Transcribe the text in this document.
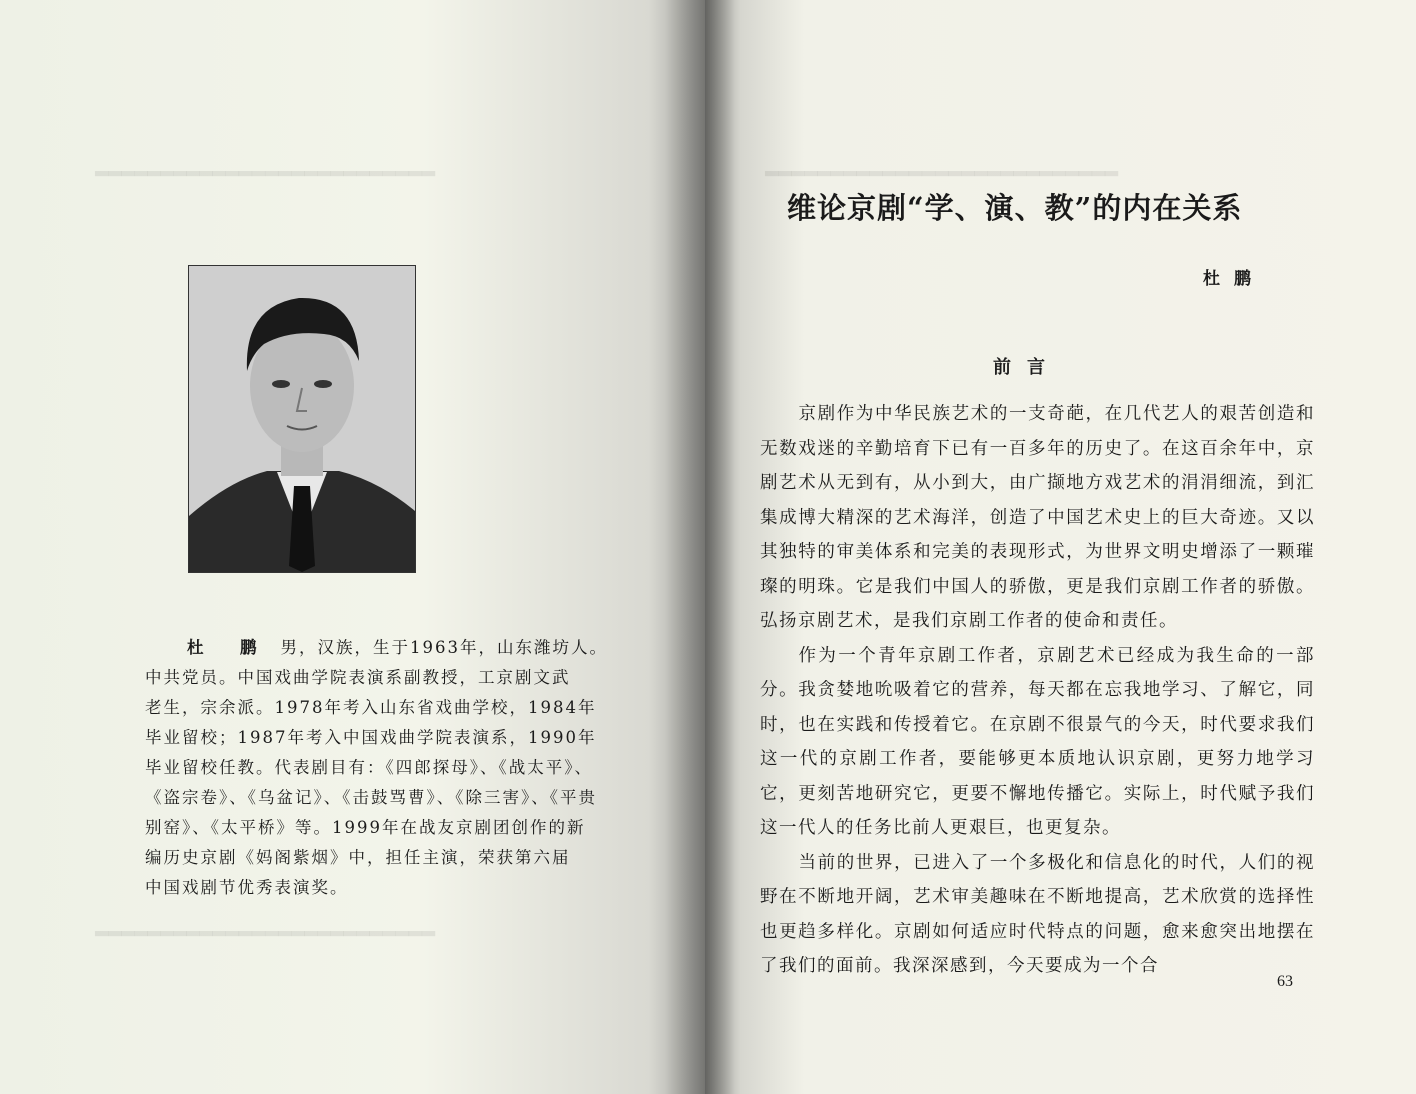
▂▂▂▂▂▂▂▂▂▂▂▂▂▂▂▂▂▂▂▂▂▂▂▂▂▂
▂▂▂▂▂▂▂▂▂▂▂▂▂▂▂▂▂▂▂▂▂▂▂▂▂▂

杜　鹏 男，汉族，生于1963年，山东潍坊人。

中共党员。中国戏曲学院表演系副教授，工京剧文武

老生，宗余派。1978年考入山东省戏曲学校，1984年

毕业留校；1987年考入中国戏曲学院表演系，1990年

毕业留校任教。代表剧目有：《四郎探母》、《战太平》、

《盗宗卷》、《乌盆记》、《击鼓骂曹》、《除三害》、《平贵

别窑》、《太平桥》等。1999年在战友京剧团创作的新

编历史京剧《妈阁紫烟》中，担任主演，荣获第六届

中国戏剧节优秀表演奖。

▂▂▂▂▂▂▂▂▂▂▂▂▂▂▂▂▂▂▂▂▂▂▂▂▂▂▂
维论京剧“学、演、教”的内在关系
杜鹏
前言

京剧作为中华民族艺术的一支奇葩，在几代艺人的艰苦创造和无数戏迷的辛勤培育下已有一百多年的历史了。在这百余年中，京剧艺术从无到有，从小到大，由广撷地方戏艺术的涓涓细流，到汇集成博大精深的艺术海洋，创造了中国艺术史上的巨大奇迹。又以其独特的审美体系和完美的表现形式，为世界文明史增添了一颗璀璨的明珠。它是我们中国人的骄傲，更是我们京剧工作者的骄傲。弘扬京剧艺术，是我们京剧工作者的使命和责任。

作为一个青年京剧工作者，京剧艺术已经成为我生命的一部分。我贪婪地吮吸着它的营养，每天都在忘我地学习、了解它，同时，也在实践和传授着它。在京剧不很景气的今天，时代要求我们这一代的京剧工作者，要能够更本质地认识京剧，更努力地学习它，更刻苦地研究它，更要不懈地传播它。实际上，时代赋予我们这一代人的任务比前人更艰巨，也更复杂。

当前的世界，已进入了一个多极化和信息化的时代，人们的视野在不断地开阔，艺术审美趣味在不断地提高，艺术欣赏的选择性也更趋多样化。京剧如何适应时代特点的问题，愈来愈突出地摆在了我们的面前。我深深感到，今天要成为一个合

63
